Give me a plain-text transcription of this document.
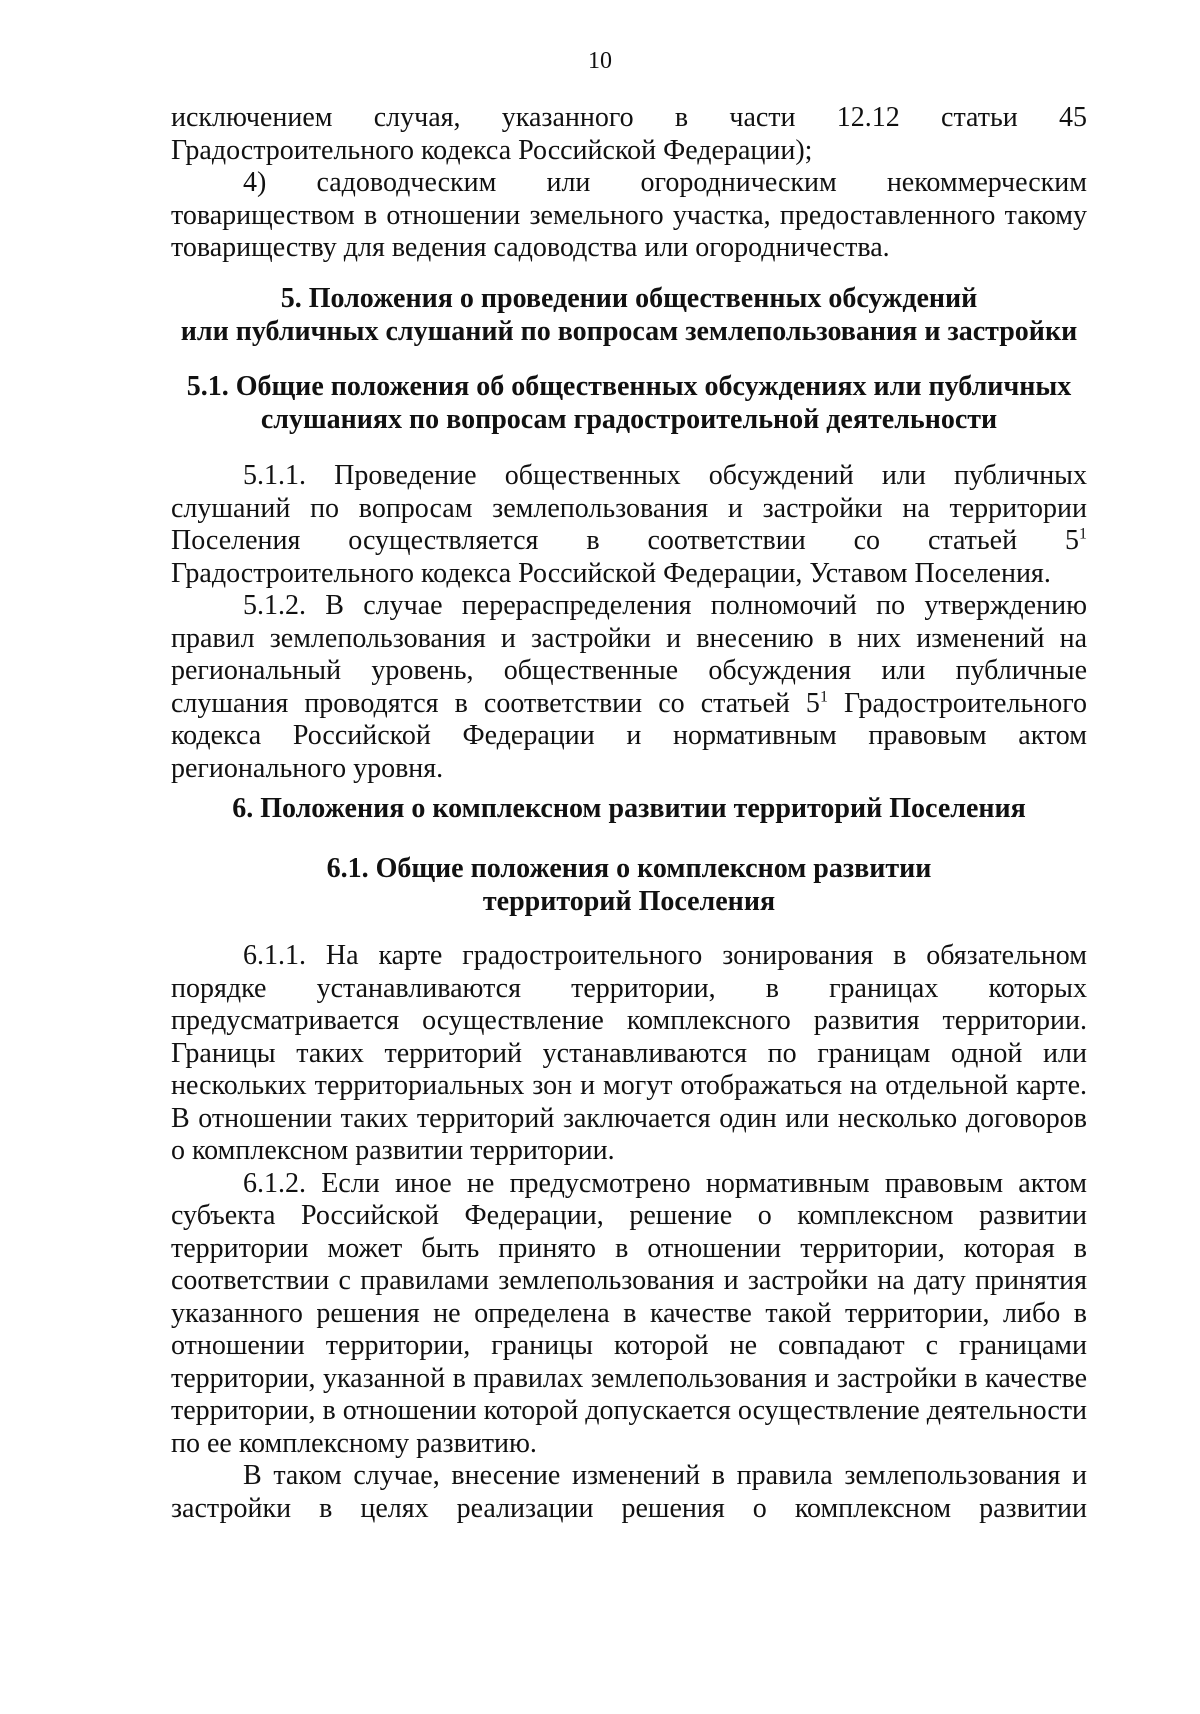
10

исключением случая, указанного в части 12.12 статьи 45

Градостроительного кодекса Российской Федерации);

4) садоводческим или огородническим некоммерческим товариществом в отношении земельного участка, предоставленного такому товариществу для ведения садоводства или огородничества.

5. Положения о проведении общественных обсуждений
или публичных слушаний по вопросам землепользования и застройки
5.1. Общие положения об общественных обсуждениях или публичных
слушаниях по вопросам градостроительной деятельности

5.1.1. Проведение общественных обсуждений или публичных слушаний по вопросам землепользования и застройки на территории Поселения осуществляется в соответствии со статьей $5^1$ Градостроительного кодекса Российской Федерации, Уставом Поселения.

5.1.2. В случае перераспределения полномочий по утверждению правил землепользования и застройки и внесению в них изменений на региональный уровень, общественные обсуждения или публичные слушания проводятся в соответствии со статьей $5^1$ Градостроительного кодекса Российской Федерации и нормативным правовым актом регионального уровня.

6. Положения о комплексном развитии территорий Поселения
6.1. Общие положения о комплексном развитии
территорий Поселения

6.1.1. На карте градостроительного зонирования в обязательном порядке устанавливаются территории, в границах которых предусматривается осуществление комплексного развития территории. Границы таких территорий устанавливаются по границам одной или нескольких территориальных зон и могут отображаться на отдельной карте. В отношении таких территорий заключается один или несколько договоров о комплексном развитии территории.

6.1.2. Если иное не предусмотрено нормативным правовым актом субъекта Российской Федерации, решение о комплексном развитии территории может быть принято в отношении территории, которая в соответствии с правилами землепользования и застройки на дату принятия указанного решения не определена в качестве такой территории, либо в отношении территории, границы которой не совпадают с границами территории, указанной в правилах землепользования и застройки в качестве территории, в отношении которой допускается осуществление деятельности по ее комплексному развитию.

В таком случае, внесение изменений в правила землепользования и

застройки в целях реализации решения о комплексном развитии
